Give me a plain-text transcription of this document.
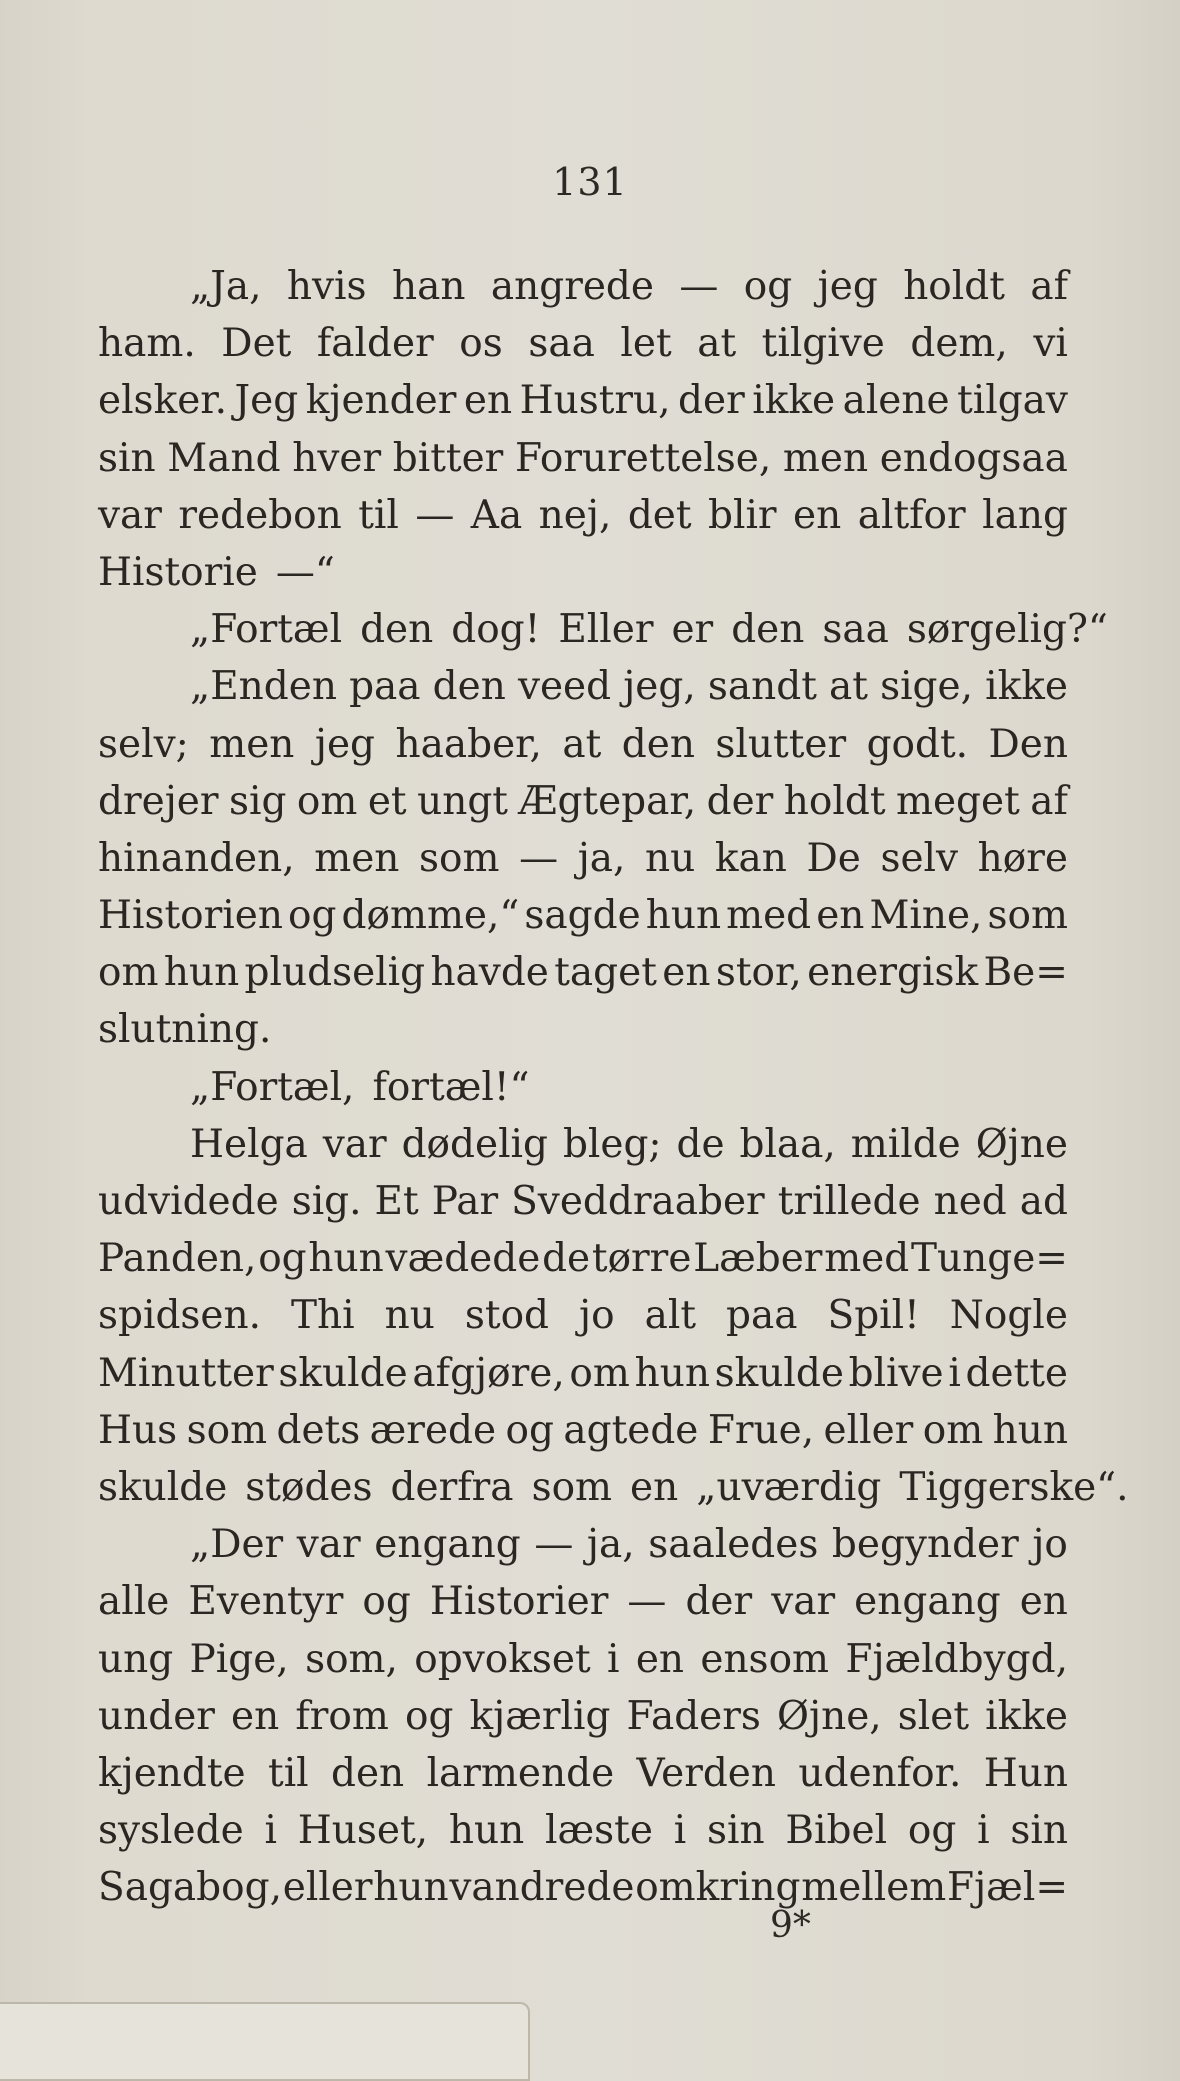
131
„Ja, hvis han angrede — og jeg holdt af
ham. Det falder os saa let at tilgive dem, vi
elsker. Jeg kjender en Hustru, der ikke alene tilgav
sin Mand hver bitter Forurettelse, men endogsaa
var redebon til — Aa nej, det blir en altfor lang
Historie —“
„Fortæl den dog! Eller er den saa sørgelig?“
„Enden paa den veed jeg, sandt at sige, ikke
selv; men jeg haaber, at den slutter godt. Den
drejer sig om et ungt Ægtepar, der holdt meget af
hinanden, men som — ja, nu kan De selv høre
Historien og dømme,“ sagde hun med en Mine, som
om hun pludselig havde taget en stor, energisk Be=
slutning.
„Fortæl, fortæl!“
Helga var dødelig bleg; de blaa, milde Øjne
udvidede sig. Et Par Sveddraaber trillede ned ad
Panden, og hun vædede de tørre Læber med Tunge=
spidsen. Thi nu stod jo alt paa Spil! Nogle
Minutter skulde afgjøre, om hun skulde blive i dette
Hus som dets ærede og agtede Frue, eller om hun
skulde stødes derfra som en „uværdig Tiggerske“.
„Der var engang — ja, saaledes begynder jo
alle Eventyr og Historier — der var engang en
ung Pige, som, opvokset i en ensom Fjældbygd,
under en from og kjærlig Faders Øjne, slet ikke
kjendte til den larmende Verden udenfor. Hun
syslede i Huset, hun læste i sin Bibel og i sin
Sagabog, eller hun vandrede omkring mellem Fjæl=
9*
